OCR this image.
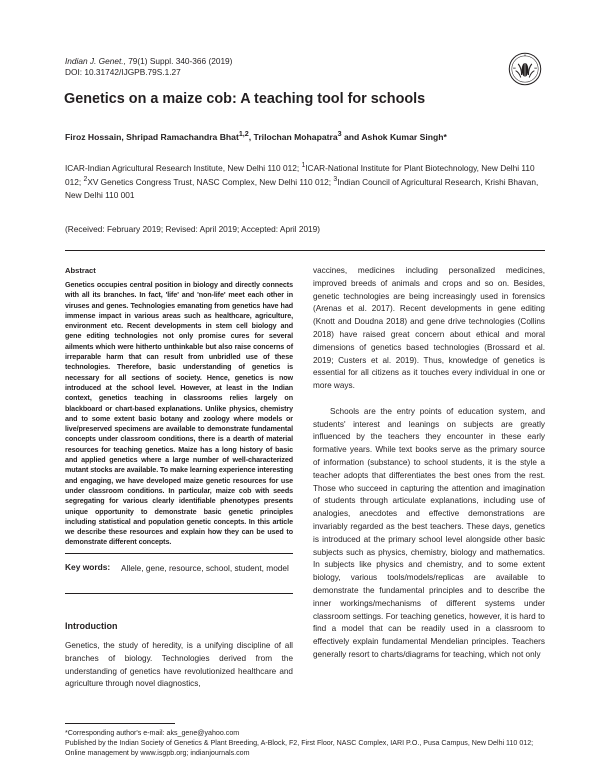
Indian J. Genet., 79(1) Suppl. 340-366 (2019)
DOI: 10.31742/IJGPB.79S.1.27
Genetics on a maize cob: A teaching tool for schools
Firoz Hossain, Shripad Ramachandra Bhat$^{1,2}$, Trilochan Mohapatra$^3$ and Ashok Kumar Singh*
ICAR-Indian Agricultural Research Institute, New Delhi 110 012; $^1$ICAR-National Institute for Plant Biotechnology, New Delhi 110 012; $^2$XV Genetics Congress Trust, NASC Complex, New Delhi 110 012; $^3$Indian Council of Agricultural Research, Krishi Bhavan, New Delhi 110 001
(Received: February 2019; Revised: April 2019; Accepted: April 2019)
Abstract
Genetics occupies central position in biology and directly connects with all its branches. In fact, 'life' and 'non-life' meet each other in viruses and genes. Technologies emanating from genetics have had immense impact in various areas such as healthcare, agriculture, environment etc. Recent developments in stem cell biology and gene editing technologies not only promise cures for several ailments which were hitherto unthinkable but also raise concerns of irreparable harm that can result from unbridled use of these technologies. Therefore, basic understanding of genetics is necessary for all sections of society. Hence, genetics is now introduced at the school level. However, at least in the Indian context, genetics teaching in classrooms relies largely on blackboard or chart-based explanations. Unlike physics, chemistry and to some extent basic botany and zoology where models or live/preserved specimens are available to demonstrate fundamental concepts under classroom conditions, there is a dearth of material resources for teaching genetics. Maize has a long history of basic and applied genetics where a large number of well-characterized mutant stocks are available. To make learning experience interesting and engaging, we have developed maize genetic resources for use under classroom conditions. In particular, maize cob with seeds segregating for various clearly identifiable phenotypes presents unique opportunity to demonstrate basic genetic principles including statistical and population genetic concepts. In this article we describe these resources and explain how they can be used to demonstrate different concepts.
Key words: Allele, gene, resource, school, student, model
Introduction
Genetics, the study of heredity, is a unifying discipline of all branches of biology. Technologies derived from the understanding of genetics have revolutionized healthcare and agriculture through novel diagnostics,

vaccines, medicines including personalized medicines, improved breeds of animals and crops and so on. Besides, genetic technologies are being increasingly used in forensics (Arenas et al. 2017). Recent developments in gene editing (Knott and Doudna 2018) and gene drive technologies (Collins 2018) have raised great concern about ethical and moral dimensions of genetics based technologies (Brossard et al. 2019; Custers et al. 2019). Thus, knowledge of genetics is essential for all citizens as it touches every individual in one or more ways.

Schools are the entry points of education system, and students' interest and leanings on subjects are greatly influenced by the teachers they encounter in these early formative years. While text books serve as the primary source of information (substance) to school students, it is the style a teacher adopts that differentiates the best ones from the rest. Those who succeed in capturing the attention and imagination of students through articulate explanations, including use of analogies, anecdotes and effective demonstrations are invariably regarded as the best teachers. These days, genetics is introduced at the primary school level alongside other basic subjects such as physics, chemistry, biology and mathematics. In subjects like physics and chemistry, and to some extent biology, various tools/models/replicas are available to demonstrate the fundamental principles and to describe the inner workings/mechanisms of different systems under classroom settings. For teaching genetics, however, it is hard to find a model that can be readily used in a classroom to effectively explain fundamental Mendelian principles. Teachers generally resort to charts/diagrams for teaching, which not only

*Corresponding author's e-mail: aks_gene@yahoo.com
Published by the Indian Society of Genetics & Plant Breeding, A-Block, F2, First Floor, NASC Complex, IARI P.O., Pusa Campus, New Delhi 110 012; Online management by www.isgpb.org; indianjournals.com
